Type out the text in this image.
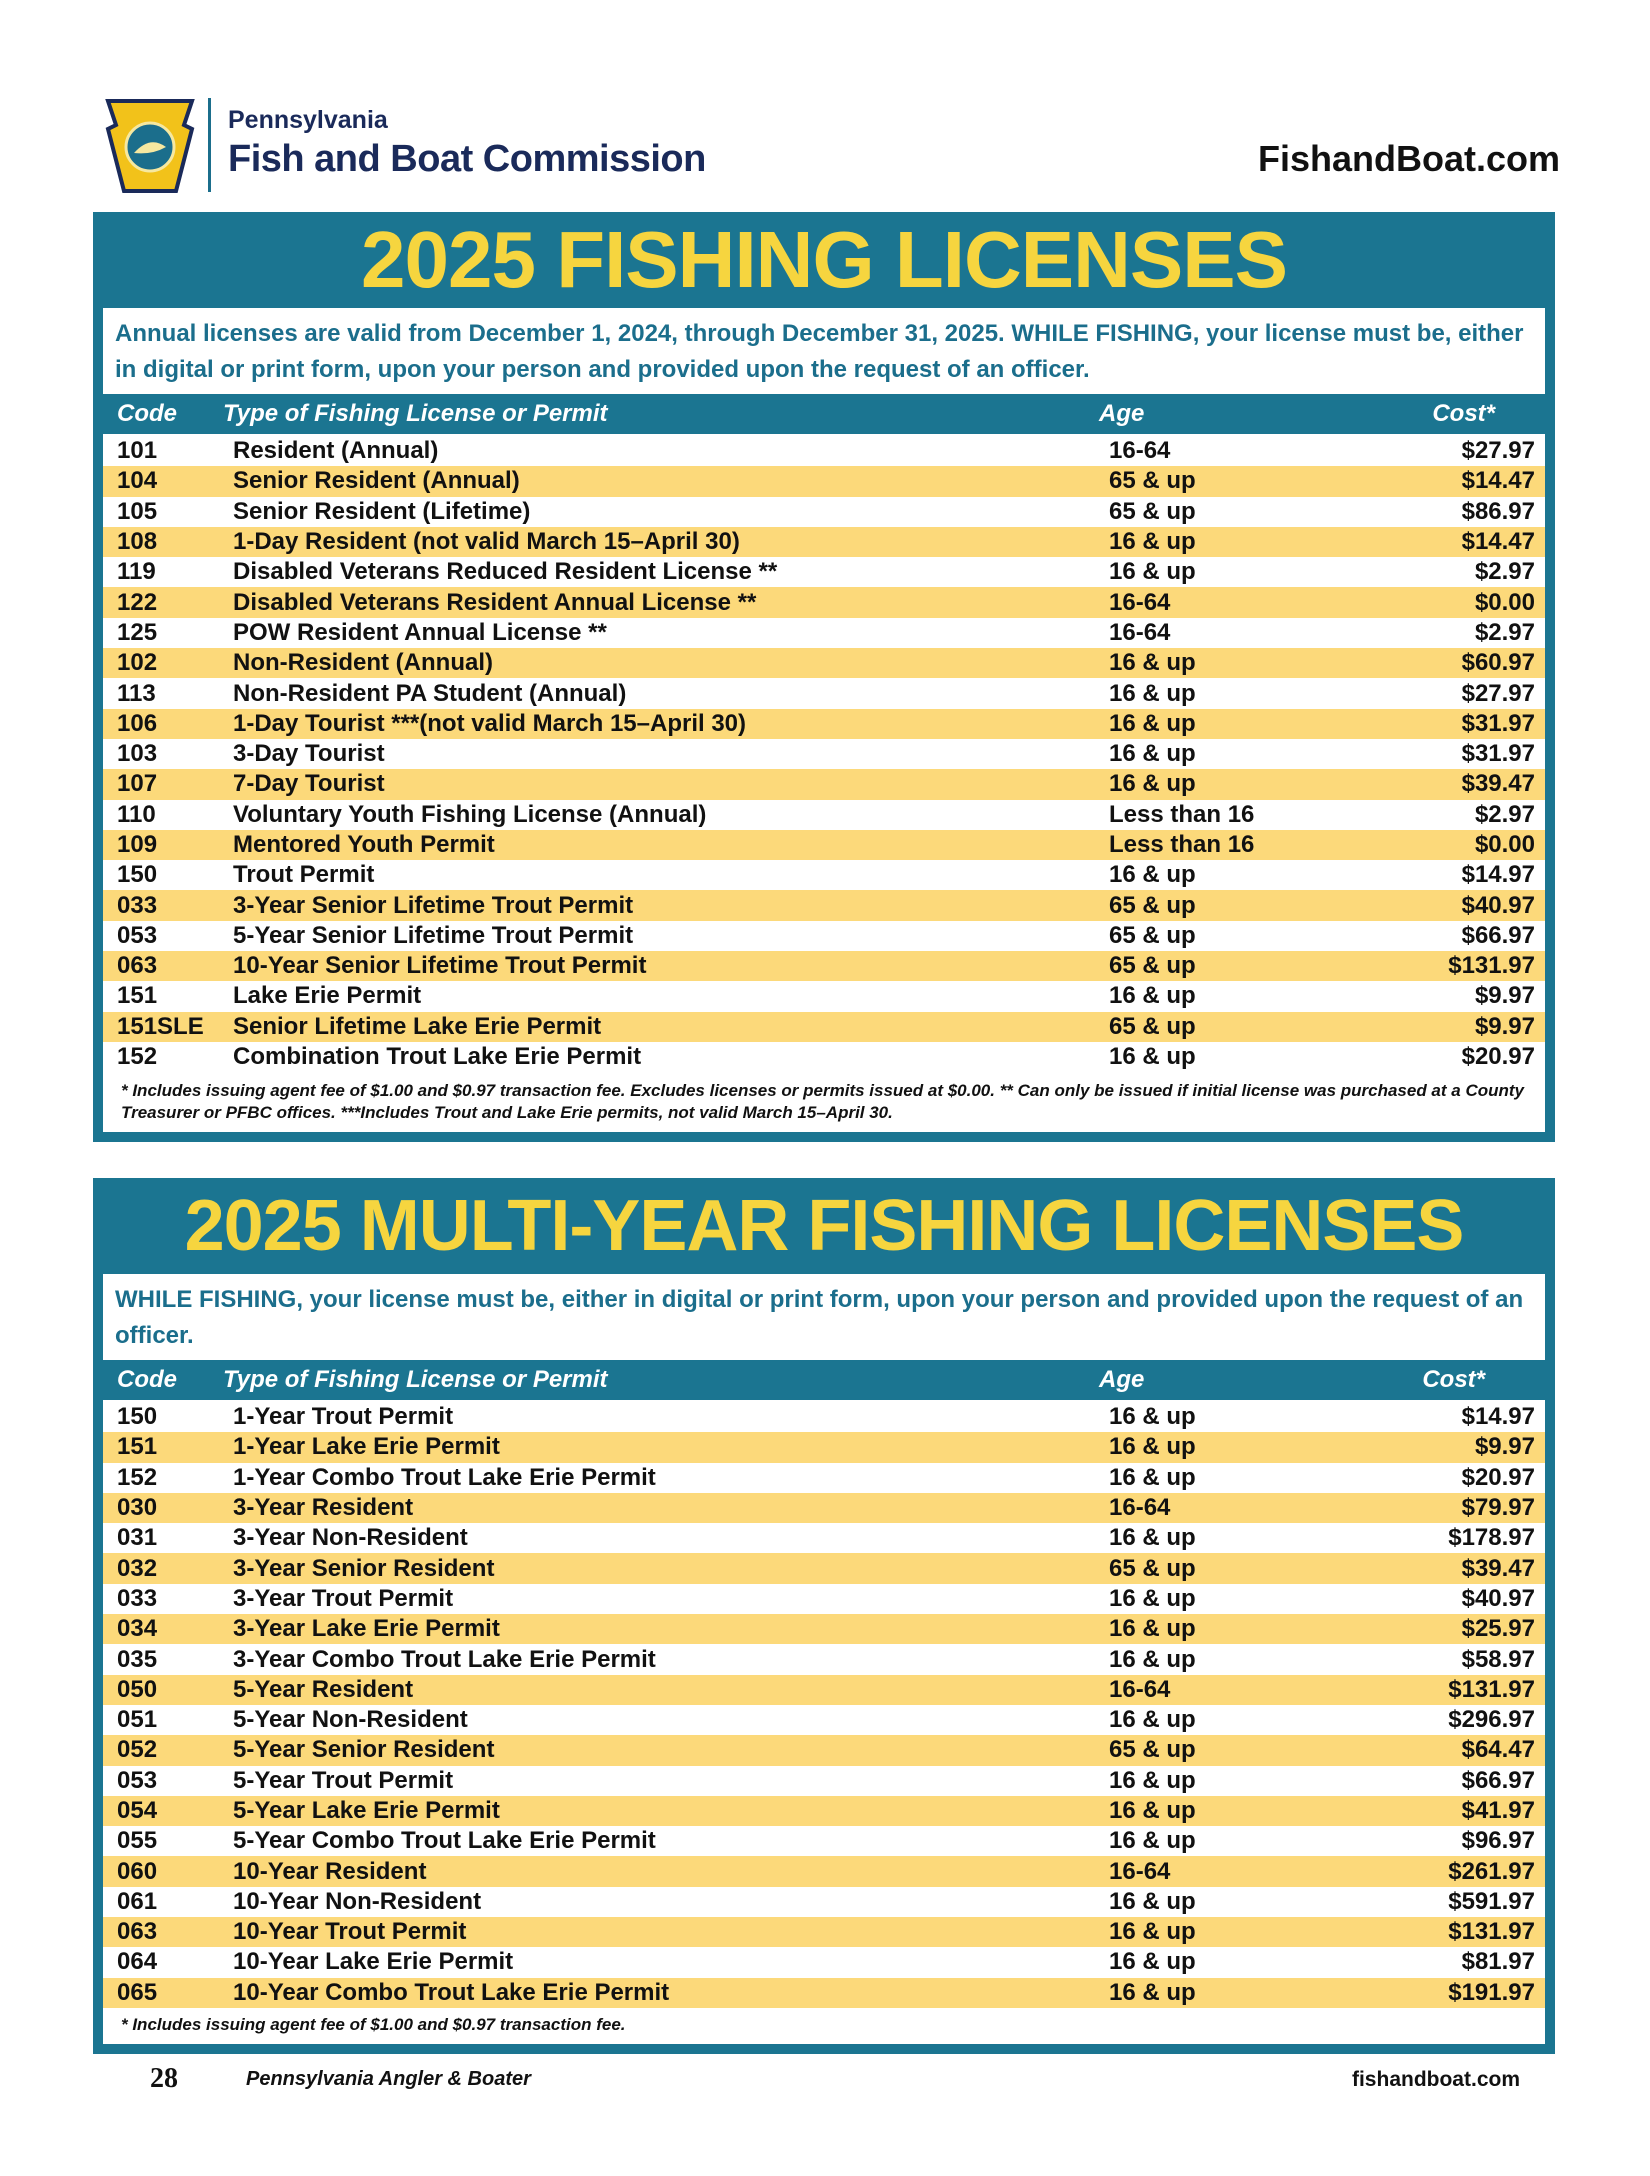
Pennsylvania
Fish and Boat Commission	FishandBoat.com
2025 FISHING LICENSES
Annual licenses are valid from December 1, 2024, through December 31, 2025. WHILE FISHING, your license must be, either in digital or print form, upon your person and provided upon the request of an officer.
Code	Type of Fishing License or Permit	Age	Cost*
101	Resident (Annual)	16-64	$27.97
104	Senior Resident (Annual)	65 & up	$14.47
105	Senior Resident (Lifetime)	65 & up	$86.97
108	1-Day Resident (not valid March 15–April 30)	16 & up	$14.47
119	Disabled Veterans Reduced Resident License **	16 & up	$2.97
122	Disabled Veterans Resident Annual License **	16-64	$0.00
125	POW Resident Annual License **	16-64	$2.97
102	Non-Resident (Annual)	16 & up	$60.97
113	Non-Resident PA Student (Annual)	16 & up	$27.97
106	1-Day Tourist ***(not valid March 15–April 30)	16 & up	$31.97
103	3-Day Tourist	16 & up	$31.97
107	7-Day Tourist	16 & up	$39.47
110	Voluntary Youth Fishing License (Annual)	Less than 16	$2.97
109	Mentored Youth Permit	Less than 16	$0.00
150	Trout Permit	16 & up	$14.97
033	3-Year Senior Lifetime Trout Permit	65 & up	$40.97
053	5-Year Senior Lifetime Trout Permit	65 & up	$66.97
063	10-Year Senior Lifetime Trout Permit	65 & up	$131.97
151	Lake Erie Permit	16 & up	$9.97
151SLE	Senior Lifetime Lake Erie Permit	65 & up	$9.97
152	Combination Trout Lake Erie Permit	16 & up	$20.97
* Includes issuing agent fee of $1.00 and $0.97 transaction fee. Excludes licenses or permits issued at $0.00. ** Can only be issued if initial license was purchased at a County Treasurer or PFBC offices. ***Includes Trout and Lake Erie permits, not valid March 15–April 30.
2025 MULTI-YEAR FISHING LICENSES
WHILE FISHING, your license must be, either in digital or print form, upon your person and provided upon the request of an officer.
Code	Type of Fishing License or Permit	Age	Cost*
150	1-Year Trout Permit	16 & up	$14.97
151	1-Year Lake Erie Permit	16 & up	$9.97
152	1-Year Combo Trout Lake Erie Permit	16 & up	$20.97
030	3-Year Resident	16-64	$79.97
031	3-Year Non-Resident	16 & up	$178.97
032	3-Year Senior Resident	65 & up	$39.47
033	3-Year Trout Permit	16 & up	$40.97
034	3-Year Lake Erie Permit	16 & up	$25.97
035	3-Year Combo Trout Lake Erie Permit	16 & up	$58.97
050	5-Year Resident	16-64	$131.97
051	5-Year Non-Resident	16 & up	$296.97
052	5-Year Senior Resident	65 & up	$64.47
053	5-Year Trout Permit	16 & up	$66.97
054	5-Year Lake Erie Permit	16 & up	$41.97
055	5-Year Combo Trout Lake Erie Permit	16 & up	$96.97
060	10-Year Resident	16-64	$261.97
061	10-Year Non-Resident	16 & up	$591.97
063	10-Year Trout Permit	16 & up	$131.97
064	10-Year Lake Erie Permit	16 & up	$81.97
065	10-Year Combo Trout Lake Erie Permit	16 & up	$191.97
* Includes issuing agent fee of $1.00 and $0.97 transaction fee.
28	Pennsylvania Angler & Boater	fishandboat.com
